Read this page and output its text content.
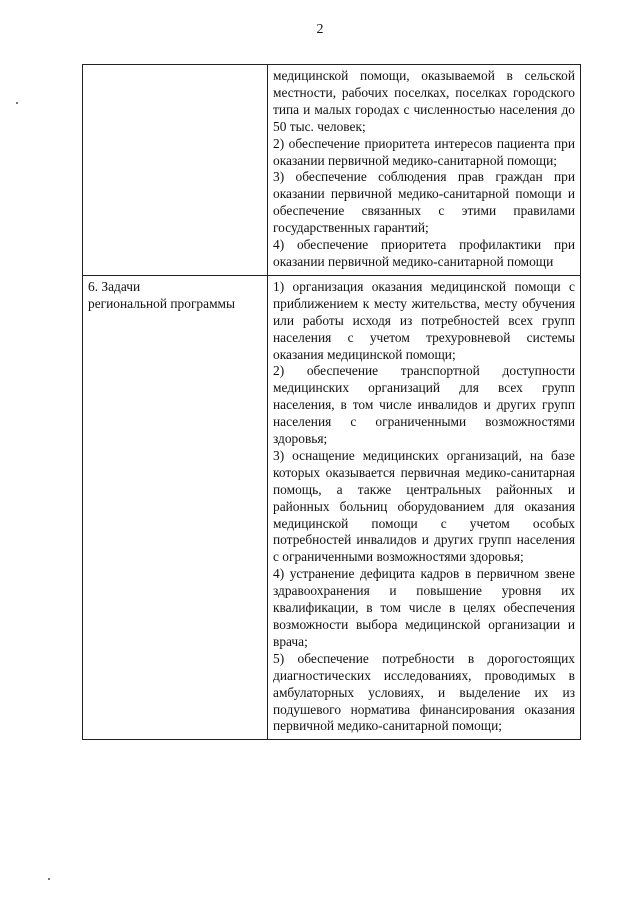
2

	медицинской помощи, оказываемой в сельской местности, рабочих поселках, поселках городского типа и малых городах с численностью населения до 50 тыс. человек;
2) обеспечение приоритета интересов пациента при оказании первичной медико-санитарной помощи;
3) обеспечение соблюдения прав граждан при оказании первичной медико-санитарной помощи и обеспечение связанных с этими правилами государственных гарантий;
4) обеспечение приоритета профилактики при оказании первичной медико-санитарной помощи

6. Задачи
региональной программы	1) организация оказания медицинской помощи с приближением к месту жительства, месту обучения или работы исходя из потребностей всех групп населения с учетом трехуровневой системы оказания медицинской помощи;
2) обеспечение транспортной доступности медицинских организаций для всех групп населения, в том числе инвалидов и других групп населения с ограниченными возможностями здоровья;
3) оснащение медицинских организаций, на базе которых оказывается первичная медико-санитарная помощь, а также центральных районных и районных больниц оборудованием для оказания медицинской помощи с учетом особых потребностей инвалидов и других групп населения с ограниченными возможностями здоровья;
4) устранение дефицита кадров в первичном звене здравоохранения и повышение уровня их квалификации, в том числе в целях обеспечения возможности выбора медицинской организации и врача;
5) обеспечение потребности в дорогостоящих диагностических исследованиях, проводимых в амбулаторных условиях, и выделение их из подушевого норматива финансирования оказания первичной медико-санитарной помощи;
